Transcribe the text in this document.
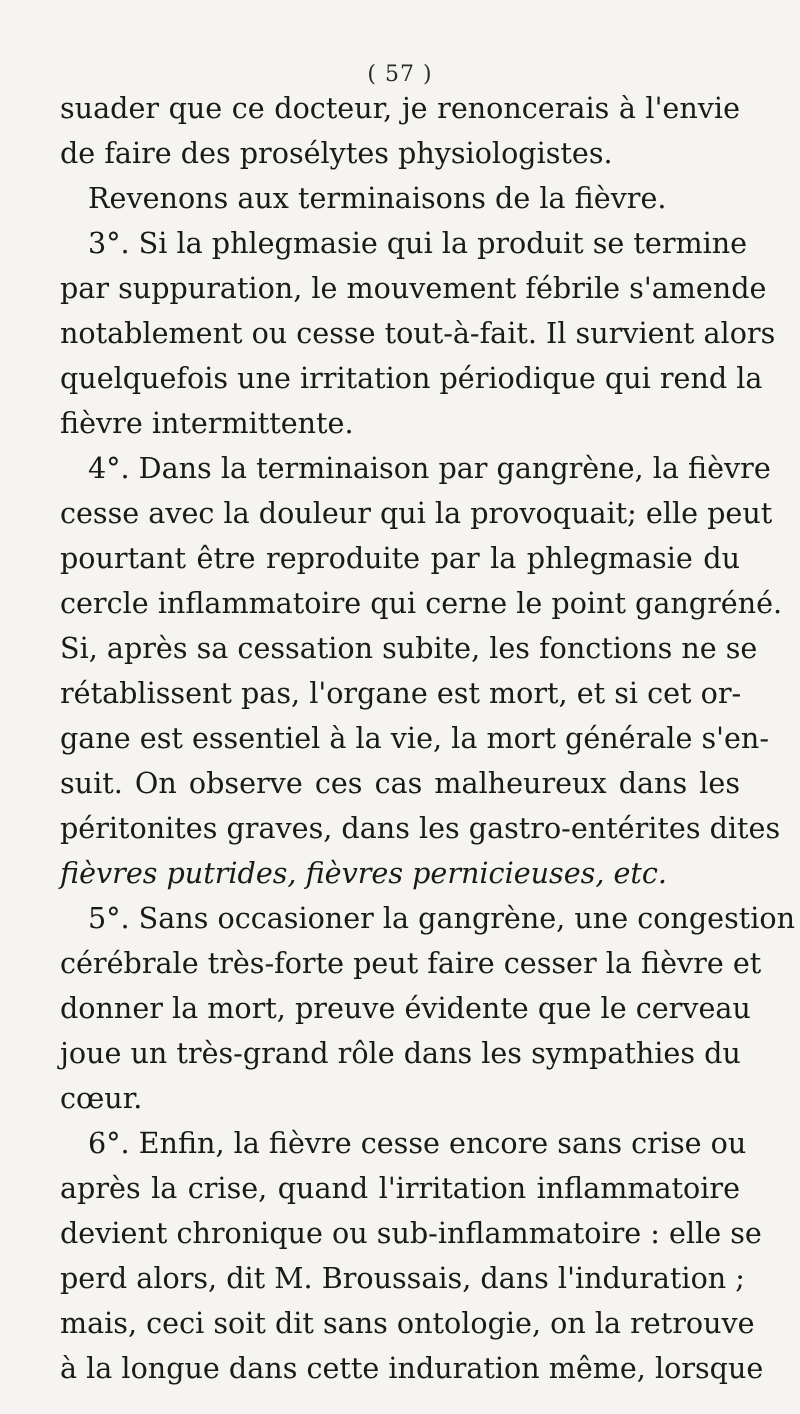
( 57 )
suader que ce docteur, je renoncerais à l'envie
de faire des prosélytes physiologistes.
Revenons aux terminaisons de la fièvre.
3°. Si la phlegmasie qui la produit se termine
par suppuration, le mouvement fébrile s'amende
notablement ou cesse tout-à-fait. Il survient alors
quelquefois une irritation périodique qui rend la
fièvre intermittente.
4°. Dans la terminaison par gangrène, la fièvre
cesse avec la douleur qui la provoquait; elle peut
pourtant être reproduite par la phlegmasie du
cercle inflammatoire qui cerne le point gangréné.
Si, après sa cessation subite, les fonctions ne se
rétablissent pas, l'organe est mort, et si cet or-
gane est essentiel à la vie, la mort générale s'en-
suit. On observe ces cas malheureux dans les
péritonites graves, dans les gastro-entérites dites
fièvres putrides, fièvres pernicieuses, etc.
5°. Sans occasioner la gangrène, une congestion
cérébrale très-forte peut faire cesser la fièvre et
donner la mort, preuve évidente que le cerveau
joue un très-grand rôle dans les sympathies du
cœur.
6°. Enfin, la fièvre cesse encore sans crise ou
après la crise, quand l'irritation inflammatoire
devient chronique ou sub-inflammatoire : elle se
perd alors, dit M. Broussais, dans l'induration ;
mais, ceci soit dit sans ontologie, on la retrouve
à la longue dans cette induration même, lorsque
